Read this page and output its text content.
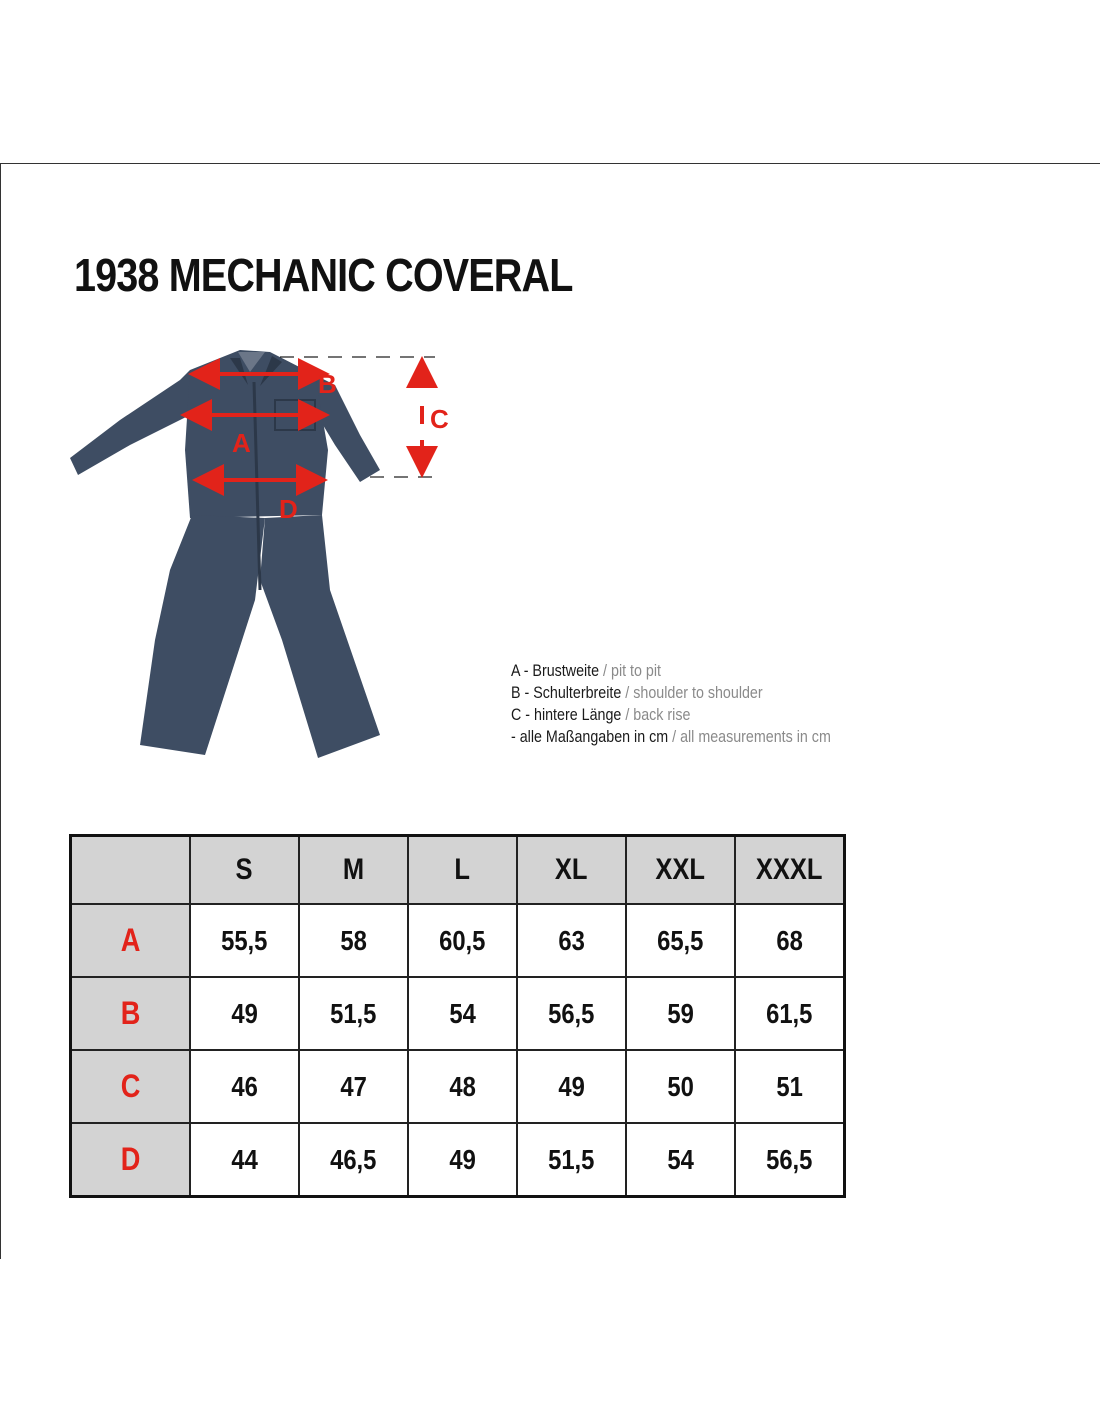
1938 MECHANIC COVERAL
B
A
D
C
A - Brustweite / pit to pit
B - Schulterbreite / shoulder to shoulder
C - hintere Länge / back rise
- alle Maßangaben in cm / all measurements in cm
	S	M	L	XL	XXL	XXXL
A	55,5	58	60,5	63	65,5	68
B	49	51,5	54	56,5	59	61,5
C	46	47	48	49	50	51
D	44	46,5	49	51,5	54	56,5
